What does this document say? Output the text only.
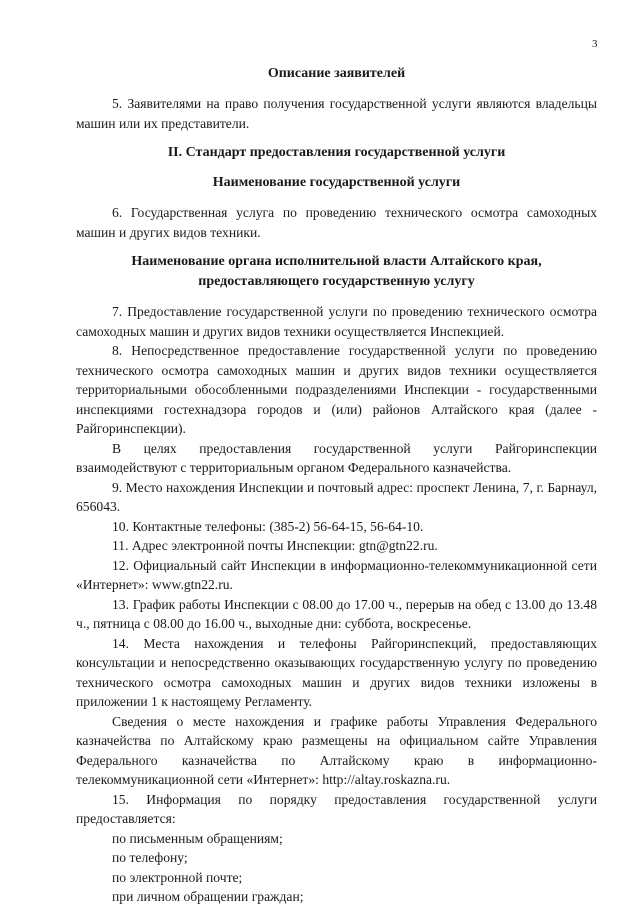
3

Описание заявителей

5. Заявителями на право получения государственной услуги являются владельцы машин или их представители.

II. Стандарт предоставления государственной услуги

Наименование государственной услуги

6. Государственная услуга по проведению технического осмотра самоходных машин и других видов техники.

Наименование органа исполнительной власти Алтайского края,

предоставляющего государственную услугу

7. Предоставление государственной услуги по проведению технического осмотра самоходных машин и других видов техники осуществляется Инспекцией.

8. Непосредственное предоставление государственной услуги по проведению технического осмотра самоходных машин и других видов техники осуществляется территориальными обособленными подразделениями Инспекции - государственными инспекциями гостехнадзора городов и (или) районов Алтайского края (далее - Райгоринспекции).

В целях предоставления государственной услуги Райгоринспекции взаимодействуют с территориальным органом Федерального казначейства.

9. Место нахождения Инспекции и почтовый адрес: проспект Ленина, 7, г. Барнаул, 656043.

10. Контактные телефоны: (385-2) 56-64-15, 56-64-10.

11. Адрес электронной почты Инспекции: gtn@gtn22.ru.

12. Официальный сайт Инспекции в информационно-телекоммуникационной сети «Интернет»: www.gtn22.ru.

13. График работы Инспекции с 08.00 до 17.00 ч., перерыв на обед с 13.00 до 13.48 ч., пятница с 08.00 до 16.00 ч., выходные дни: суббота, воскресенье.

14. Места нахождения и телефоны Райгоринспекций, предоставляющих консультации и непосредственно оказывающих государственную услугу по проведению технического осмотра самоходных машин и других видов техники изложены в приложении 1 к настоящему Регламенту.

Сведения о месте нахождения и графике работы Управления Федерального казначейства по Алтайскому краю размещены на официальном сайте Управления Федерального казначейства по Алтайскому краю в информационно-телекоммуникационной сети «Интернет»: http://altay.roskazna.ru.

15. Информация по порядку предоставления государственной услуги предоставляется:

по письменным обращениям;

по телефону;

по электронной почте;

при личном обращении граждан;
